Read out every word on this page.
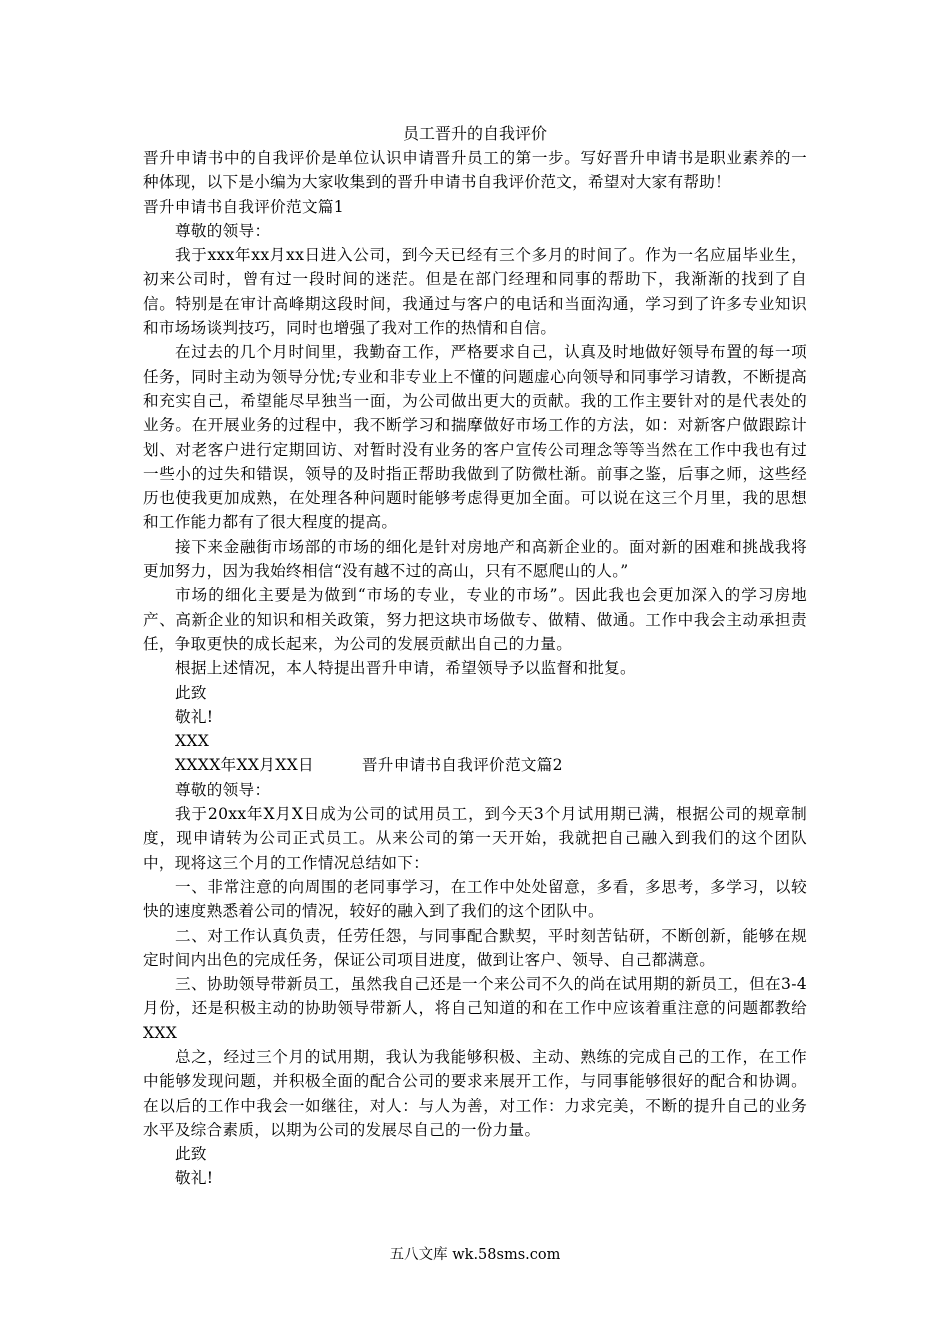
员工晋升的自我评价

晋升申请书中的自我评价是单位认识申请晋升员工的第一步。写好晋升申请书是职业素养的一种体现，以下是小编为大家收集到的晋升申请书自我评价范文，希望对大家有帮助！

晋升申请书自我评价范文篇1

尊敬的领导：

我于xxx年xx月xx日进入公司，到今天已经有三个多月的时间了。作为一名应届毕业生，初来公司时，曾有过一段时间的迷茫。但是在部门经理和同事的帮助下，我渐渐的找到了自信。特别是在审计高峰期这段时间，我通过与客户的电话和当面沟通，学习到了许多专业知识和市场场谈判技巧，同时也增强了我对工作的热情和自信。

在过去的几个月时间里，我勤奋工作，严格要求自己，认真及时地做好领导布置的每一项任务，同时主动为领导分忧;专业和非专业上不懂的问题虚心向领导和同事学习请教，不断提高和充实自己，希望能尽早独当一面，为公司做出更大的贡献。我的工作主要针对的是代表处的业务。在开展业务的过程中，我不断学习和揣摩做好市场工作的方法，如：对新客户做跟踪计划、对老客户进行定期回访、对暂时没有业务的客户宣传公司理念等等当然在工作中我也有过一些小的过失和错误，领导的及时指正帮助我做到了防微杜渐。前事之鉴，后事之师，这些经历也使我更加成熟，在处理各种问题时能够考虑得更加全面。可以说在这三个月里，我的思想和工作能力都有了很大程度的提高。

接下来金融街市场部的市场的细化是针对房地产和高新企业的。面对新的困难和挑战我将更加努力，因为我始终相信“没有越不过的高山，只有不愿爬山的人。”

市场的细化主要是为做到“市场的专业，专业的市场”。因此我也会更加深入的学习房地产、高新企业的知识和相关政策，努力把这块市场做专、做精、做通。工作中我会主动承担责任，争取更快的成长起来，为公司的发展贡献出自己的力量。

根据上述情况，本人特提出晋升申请，希望领导予以监督和批复。

此致

敬礼!

XXX

XXXX年XX月XX日	晋升申请书自我评价范文篇2

尊敬的领导：

我于20xx年X月X日成为公司的试用员工，到今天3个月试用期已满，根据公司的规章制度，现申请转为公司正式员工。从来公司的第一天开始，我就把自己融入到我们的这个团队中，现将这三个月的工作情况总结如下：

一、非常注意的向周围的老同事学习，在工作中处处留意，多看，多思考，多学习，以较快的速度熟悉着公司的情况，较好的融入到了我们的这个团队中。

二、对工作认真负责，任劳任怨，与同事配合默契，平时刻苦钻研，不断创新，能够在规定时间内出色的完成任务，保证公司项目进度，做到让客户、领导、自己都满意。

三、协助领导带新员工，虽然我自己还是一个来公司不久的尚在试用期的新员工，但在3-4月份，还是积极主动的协助领导带新人，将自己知道的和在工作中应该着重注意的问题都教给XXX

总之，经过三个月的试用期，我认为我能够积极、主动、熟练的完成自己的工作，在工作中能够发现问题，并积极全面的配合公司的要求来展开工作，与同事能够很好的配合和协调。在以后的工作中我会一如继往，对人：与人为善，对工作：力求完美，不断的提升自己的业务水平及综合素质，以期为公司的发展尽自己的一份力量。

此致

敬礼!

五八文库 wk.58sms.com
